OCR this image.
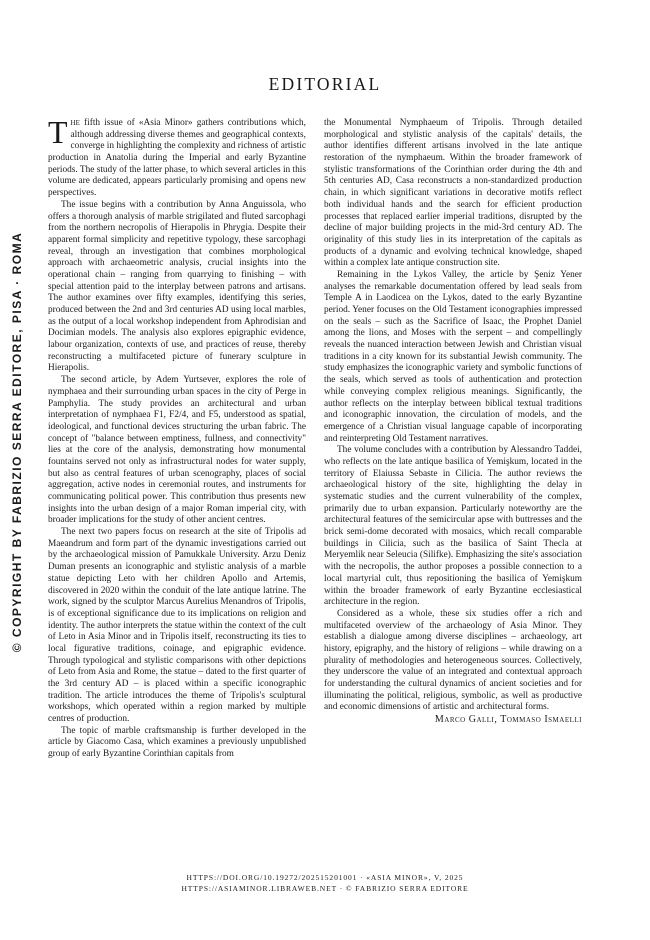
EDITORIAL
© COPYRIGHT BY FABRIZIO SERRA EDITORE, PISA · ROMA

The fifth issue of «Asia Minor» gathers contributions which, although addressing diverse themes and geographical contexts, converge in highlighting the complexity and richness of artistic production in Anatolia during the Imperial and early Byzantine periods. The study of the latter phase, to which several articles in this volume are dedicated, appears particularly promising and opens new perspectives.

The issue begins with a contribution by Anna Anguissola, who offers a thorough analysis of marble strigilated and fluted sarcophagi from the northern necropolis of Hierapolis in Phrygia. Despite their apparent formal simplicity and repetitive typology, these sarcophagi reveal, through an investigation that combines morphological approach with archaeometric analysis, crucial insights into the operational chain – ranging from quarrying to finishing – with special attention paid to the interplay between patrons and artisans. The author examines over fifty examples, identifying this series, produced between the 2nd and 3rd centuries AD using local marbles, as the output of a local workshop independent from Aphrodisian and Docimian models. The analysis also explores epigraphic evidence, labour organization, contexts of use, and practices of reuse, thereby reconstructing a multifaceted picture of funerary sculpture in Hierapolis.

The second article, by Adem Yurtsever, explores the role of nymphaea and their surrounding urban spaces in the city of Perge in Pamphylia. The study provides an architectural and urban interpretation of nymphaea F1, F2/4, and F5, understood as spatial, ideological, and functional devices structuring the urban fabric. The concept of "balance between emptiness, fullness, and connectivity" lies at the core of the analysis, demonstrating how monumental fountains served not only as infrastructural nodes for water supply, but also as central features of urban scenography, places of social aggregation, active nodes in ceremonial routes, and instruments for communicating political power. This contribution thus presents new insights into the urban design of a major Roman imperial city, with broader implications for the study of other ancient centres.

The next two papers focus on research at the site of Tripolis ad Maeandrum and form part of the dynamic investigations carried out by the archaeological mission of Pamukkale University. Arzu Deniz Duman presents an iconographic and stylistic analysis of a marble statue depicting Leto with her children Apollo and Artemis, discovered in 2020 within the conduit of the late antique latrine. The work, signed by the sculptor Marcus Aurelius Menandros of Tripolis, is of exceptional significance due to its implications on religion and identity. The author interprets the statue within the context of the cult of Leto in Asia Minor and in Tripolis itself, reconstructing its ties to local figurative traditions, coinage, and epigraphic evidence. Through typological and stylistic comparisons with other depictions of Leto from Asia and Rome, the statue – dated to the first quarter of the 3rd century AD – is placed within a specific iconographic tradition. The article introduces the theme of Tripolis's sculptural workshops, which operated within a region marked by multiple centres of production.

The topic of marble craftsmanship is further developed in the article by Giacomo Casa, which examines a previously unpublished group of early Byzantine Corinthian capitals from

the Monumental Nymphaeum of Tripolis. Through detailed morphological and stylistic analysis of the capitals' details, the author identifies different artisans involved in the late antique restoration of the nymphaeum. Within the broader framework of stylistic transformations of the Corinthian order during the 4th and 5th centuries AD, Casa reconstructs a non-standardized production chain, in which significant variations in decorative motifs reflect both individual hands and the search for efficient production processes that replaced earlier imperial traditions, disrupted by the decline of major building projects in the mid-3rd century AD. The originality of this study lies in its interpretation of the capitals as products of a dynamic and evolving technical knowledge, shaped within a complex late antique construction site.

Remaining in the Lykos Valley, the article by Şeniz Yener analyses the remarkable documentation offered by lead seals from Temple A in Laodicea on the Lykos, dated to the early Byzantine period. Yener focuses on the Old Testament iconographies impressed on the seals – such as the Sacrifice of Isaac, the Prophet Daniel among the lions, and Moses with the serpent – and compellingly reveals the nuanced interaction between Jewish and Christian visual traditions in a city known for its substantial Jewish community. The study emphasizes the iconographic variety and symbolic functions of the seals, which served as tools of authentication and protection while conveying complex religious meanings. Significantly, the author reflects on the interplay between biblical textual traditions and iconographic innovation, the circulation of models, and the emergence of a Christian visual language capable of incorporating and reinterpreting Old Testament narratives.

The volume concludes with a contribution by Alessandro Taddei, who reflects on the late antique basilica of Yemişkum, located in the territory of Elaiussa Sebaste in Cilicia. The author reviews the archaeological history of the site, highlighting the delay in systematic studies and the current vulnerability of the complex, primarily due to urban expansion. Particularly noteworthy are the architectural features of the semicircular apse with buttresses and the brick semi-dome decorated with mosaics, which recall comparable buildings in Cilicia, such as the basilica of Saint Thecla at Meryemlik near Seleucia (Silifke). Emphasizing the site's association with the necropolis, the author proposes a possible connection to a local martyrial cult, thus repositioning the basilica of Yemişkum within the broader framework of early Byzantine ecclesiastical architecture in the region.

Considered as a whole, these six studies offer a rich and multifaceted overview of the archaeology of Asia Minor. They establish a dialogue among diverse disciplines – archaeology, art history, epigraphy, and the history of religions – while drawing on a plurality of methodologies and heterogeneous sources. Collectively, they underscore the value of an integrated and contextual approach for understanding the cultural dynamics of ancient societies and for illuminating the political, religious, symbolic, as well as productive and economic dimensions of artistic and architectural forms.

Marco Galli, Tommaso Ismaelli

HTTPS://DOI.ORG/10.19272/202515201001 · «ASIA MINOR», V, 2025
HTTPS://ASIAMINOR.LIBRAWEB.NET · © FABRIZIO SERRA EDITORE
